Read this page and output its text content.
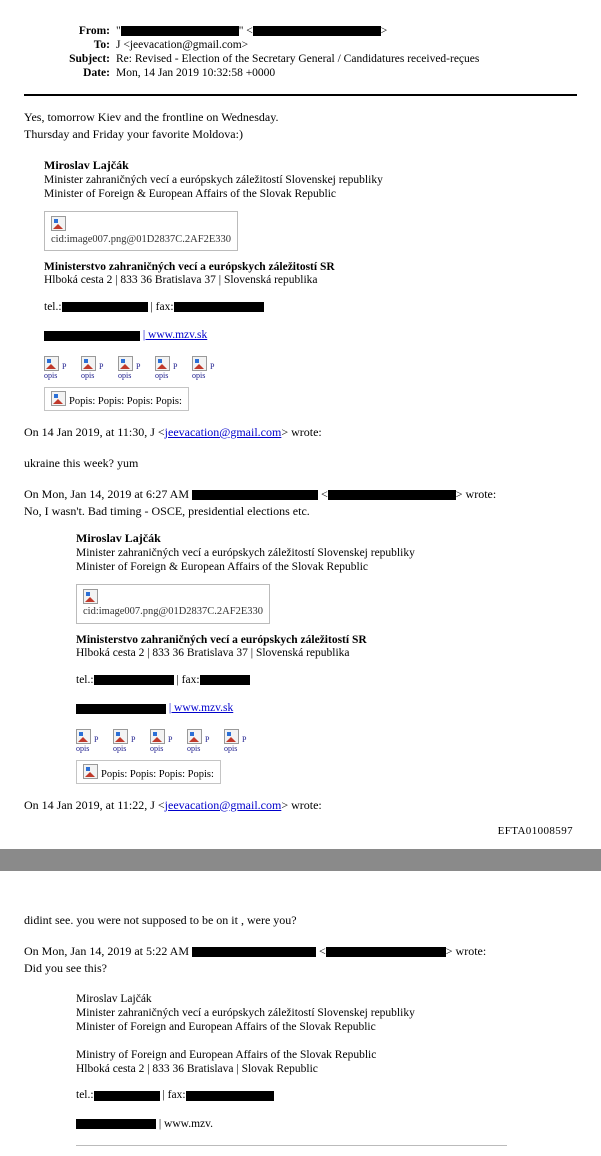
From:	" " < >
To:	J <jeevacation@gmail.com>
Subject:	Re: Revised - Election of the Secretary General / Candidatures received-reçues
Date:	Mon, 14 Jan 2019 10:32:58 +0000

Yes, tomorrow Kiev and the frontline on Wednesday.

Thursday and Friday your favorite Moldova:)

Miroslav Lajčák

Minister zahraničných vecí a európskych záležitostí Slovenskej republiky

Minister of Foreign & European Affairs of the Slovak Republic

cid:image007.png@01D2837C.2AF2E330

Ministerstvo zahraničných vecí a európskych záležitostí SR

Hlboká cesta 2 | 833 36 Bratislava 37 | Slovenská republika

tel.:	| fax:

| www.mzv.sk

P
opis P
opis P
opis P
opis P
opis
Popis: Popis: Popis: Popis:

On 14 Jan 2019, at 11:30, J <jeevacation@gmail.com> wrote:

ukraine this week? yum

On Mon, Jan 14, 2019 at 6:27 AM	<	> wrote:

No, I wasn't. Bad timing - OSCE, presidential elections etc.

Miroslav Lajčák

Minister zahraničných vecí a európskych záležitostí Slovenskej republiky

Minister of Foreign & European Affairs of the Slovak Republic

cid:image007.png@01D2837C.2AF2E330

Ministerstvo zahraničných vecí a európskych záležitostí SR

Hlboká cesta 2 | 833 36 Bratislava 37 | Slovenská republika

tel.:	| fax:

| www.mzv.sk

P
opis P
opis P
opis P
opis P
opis
Popis: Popis: Popis: Popis:

On 14 Jan 2019, at 11:22, J <jeevacation@gmail.com> wrote:

EFTA01008597

didint see. you were not supposed to be on it , were you?

On Mon, Jan 14, 2019 at 5:22 AM	<	> wrote:

Did you see this?

Miroslav Lajčák

Minister zahraničných vecí a európskych záležitostí Slovenskej republiky

Minister of Foreign and European Affairs of the Slovak Republic

Ministry of Foreign and European Affairs of the Slovak Republic

Hlboká cesta 2 | 833 36 Bratislava | Slovak Republic

tel.:	| fax:

| www.mzv.
